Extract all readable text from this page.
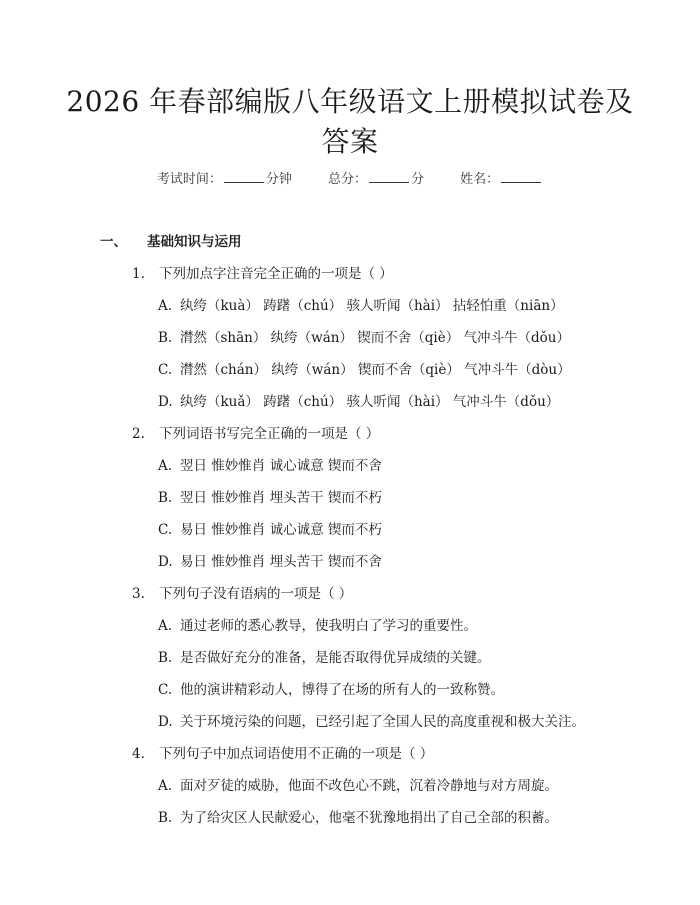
2026 年春部编版八年级语文上册模拟试卷及
答案
考试时间：	分钟	总分：	分	姓名：
一、 基础知识与运用
1. 下列加点字注音完全正确的一项是（ ）
A. 纨绔（kuà） 踌躇（chú） 骇人听闻（hài） 拈轻怕重（niān）
B. 潸然（shān） 纨绔（wán） 锲而不舍（qiè） 气冲斗牛（dǒu）
C. 潸然（chán） 纨绔（wán） 锲而不舍（qiè） 气冲斗牛（dòu）
D. 纨绔（kuǎ） 踌躇（chú） 骇人听闻（hài） 气冲斗牛（dǒu）
2. 下列词语书写完全正确的一项是（ ）
A. 翌日 惟妙惟肖 诚心诚意 锲而不舍
B. 翌日 惟妙惟肖 埋头苦干 锲而不朽
C. 易日 惟妙惟肖 诚心诚意 锲而不朽
D. 易日 惟妙惟肖 埋头苦干 锲而不舍
3. 下列句子没有语病的一项是（ ）
A. 通过老师的悉心教导，使我明白了学习的重要性。
B. 是否做好充分的准备，是能否取得优异成绩的关键。
C. 他的演讲精彩动人，博得了在场的所有人的一致称赞。
D. 关于环境污染的问题，已经引起了全国人民的高度重视和极大关注。
4. 下列句子中加点词语使用不正确的一项是（ ）
A. 面对歹徒的威胁，他面不改色心不跳，沉着冷静地与对方周旋。
B. 为了给灾区人民献爱心，他毫不犹豫地捐出了自己全部的积蓄。
